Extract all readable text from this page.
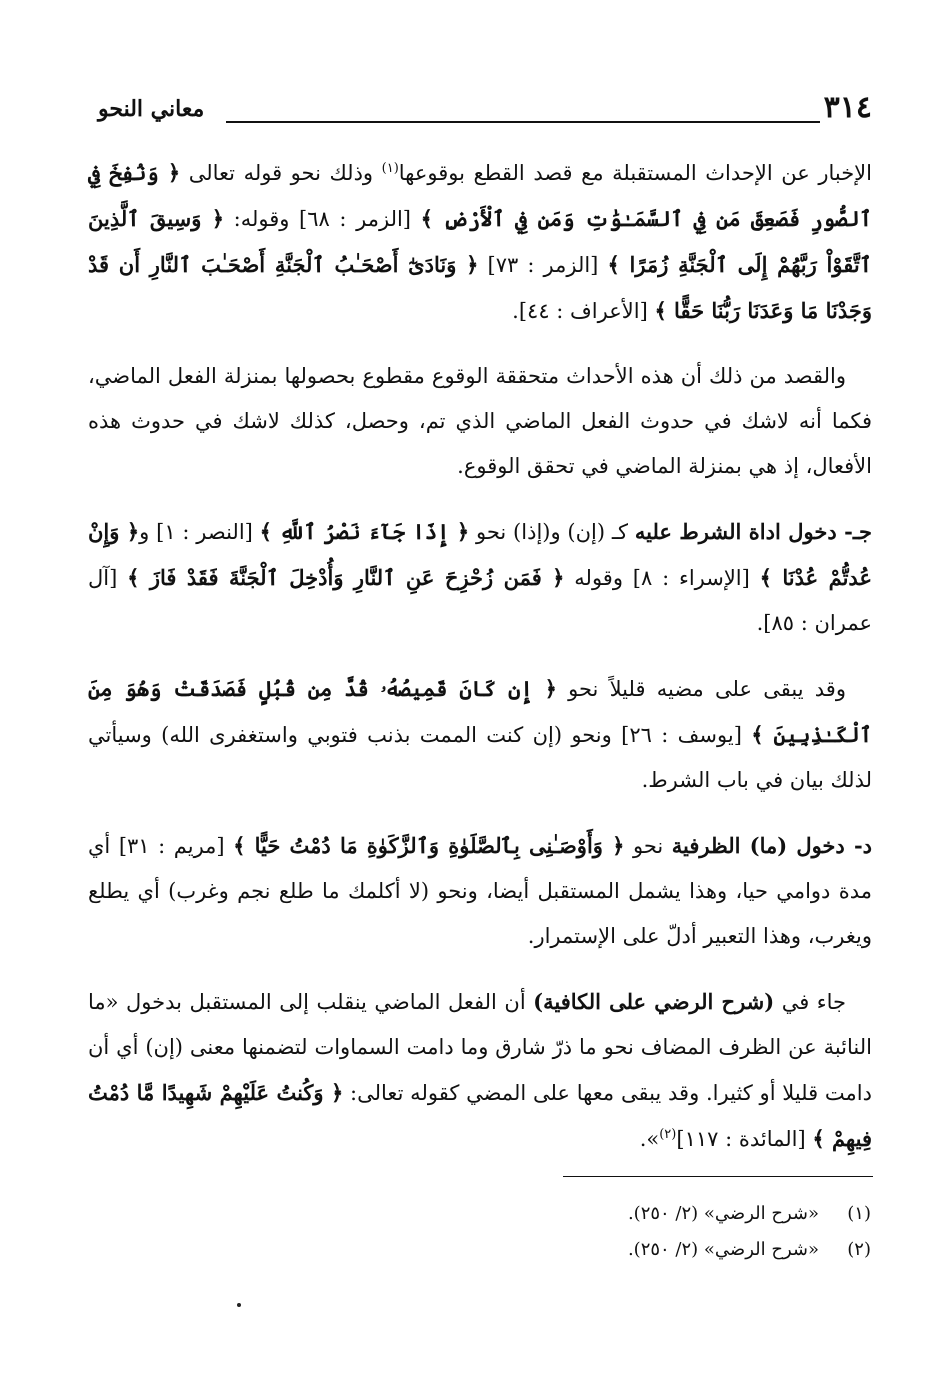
٣١٤
معاني النحو

الإخبار عن الإحداث المستقبلة مع قصد القطع بوقوعها$^{(١)}$ وذلك نحو قوله تعالى ﴿ وَنُفِخَ فِي ٱلصُّورِ فَصَعِقَ مَن فِي ٱلسَّمَـٰوَٰتِ وَمَن فِي ٱلْأَرْضِ ﴾ [الزمر : ٦٨] وقوله: ﴿ وَسِيقَ ٱلَّذِينَ ٱتَّقَوْاْ رَبَّهُمْ إِلَى ٱلْجَنَّةِ زُمَرًا ﴾ [الزمر : ٧٣] ﴿ وَنَادَىٰٓ أَصْحَـٰبُ ٱلْجَنَّةِ أَصْحَـٰبَ ٱلنَّارِ أَن قَدْ وَجَدْنَا مَا وَعَدَنَا رَبُّنَا حَقًّا ﴾ [الأعراف : ٤٤].

والقصد من ذلك أن هذه الأحداث متحققة الوقوع مقطوع بحصولها بمنزلة الفعل الماضي، فكما أنه لاشك في حدوث الفعل الماضي الذي تم، وحصل، كذلك لاشك في حدوث هذه الأفعال، إذ هي بمنزلة الماضي في تحقق الوقوع.

جـ- دخول اداة الشرط عليه كـ (إن) و(إذا) نحو ﴿ إِذَا جَآءَ نَصْرُ ٱللَّهِ ﴾ [النصر : ١] و﴿ وَإِنْ عُدتُّمْ عُدْنَا ﴾ [الإسراء : ٨] وقوله ﴿ فَمَن زُحْزِحَ عَنِ ٱلنَّارِ وَأُدْخِلَ ٱلْجَنَّةَ فَقَدْ فَازَ ﴾ [آل عمران : ٨٥].

وقد يبقى على مضيه قليلاً نحو ﴿ إِن كَانَ قَمِيصُهُۥ قُدَّ مِن قُبُلٍ فَصَدَقَتْ وَهُوَ مِنَ ٱلْكَـٰذِبِينَ ﴾ [يوسف : ٢٦] ونحو (إن كنت الممت بذنب فتوبي واستغفرى الله) وسيأتي لذلك بيان في باب الشرط.

د- دخول (ما) الظرفية نحو ﴿ وَأَوْصَـٰنِى بِٱلصَّلَوٰةِ وَٱلزَّكَوٰةِ مَا دُمْتُ حَيًّا ﴾ [مريم : ٣١] أي مدة دوامي حيا، وهذا يشمل المستقبل أيضا، ونحو (لا أكلمك ما طلع نجم وغرب) أي يطلع ويغرب، وهذا التعبير أدلّ على الإستمرار.

جاء في (شرح الرضي على الكافية) أن الفعل الماضي ينقلب إلى المستقبل بدخول «ما النائبة عن الظرف المضاف نحو ما ذرّ شارق وما دامت السماوات لتضمنها معنى (إن) أي أن دامت قليلا أو كثيرا. وقد يبقى معها على المضي كقوله تعالى: ﴿ وَكُنتُ عَلَيْهِمْ شَهِيدًا مَّا دُمْتُ فِيهِمْ ﴾ [المائدة : ١١٧]$^{(٢)}$».

(١)«شرح الرضي» (٢/ ٢٥٠).
(٢)«شرح الرضي» (٢/ ٢٥٠).
